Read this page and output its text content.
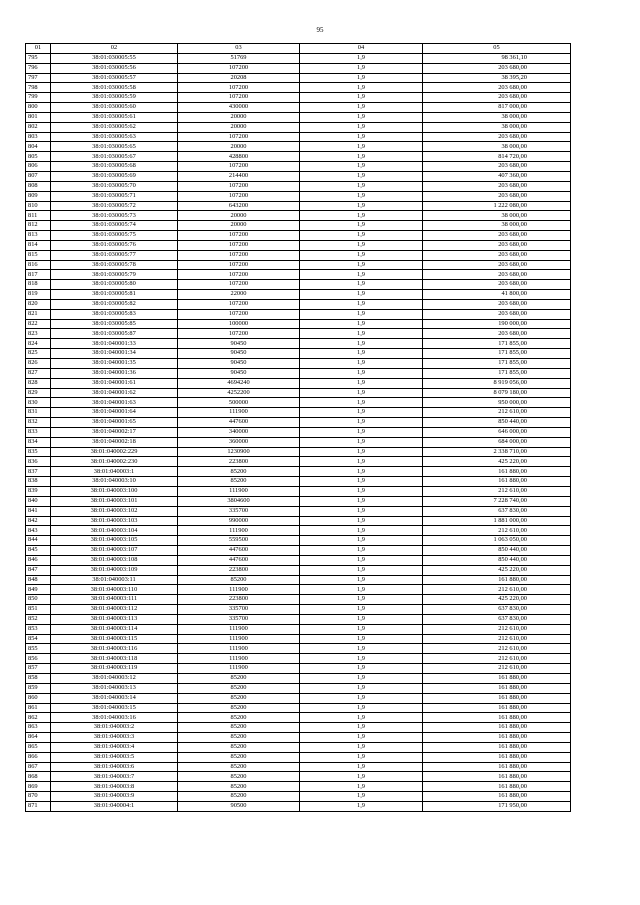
95
01	02	03	04	05
795	38:01:030005:55	51769	1,9	98 361,10
796	38:01:030005:56	107200	1,9	203 680,00
797	38:01:030005:57	20208	1,9	38 395,20
798	38:01:030005:58	107200	1,9	203 680,00
799	38:01:030005:59	107200	1,9	203 680,00
800	38:01:030005:60	430000	1,9	817 000,00
801	38:01:030005:61	20000	1,9	38 000,00
802	38:01:030005:62	20000	1,9	38 000,00
803	38:01:030005:63	107200	1,9	203 680,00
804	38:01:030005:65	20000	1,9	38 000,00
805	38:01:030005:67	428800	1,9	814 720,00
806	38:01:030005:68	107200	1,9	203 680,00
807	38:01:030005:69	214400	1,9	407 360,00
808	38:01:030005:70	107200	1,9	203 680,00
809	38:01:030005:71	107200	1,9	203 680,00
810	38:01:030005:72	643200	1,9	1 222 080,00
811	38:01:030005:73	20000	1,9	38 000,00
812	38:01:030005:74	20000	1,9	38 000,00
813	38:01:030005:75	107200	1,9	203 680,00
814	38:01:030005:76	107200	1,9	203 680,00
815	38:01:030005:77	107200	1,9	203 680,00
816	38:01:030005:78	107200	1,9	203 680,00
817	38:01:030005:79	107200	1,9	203 680,00
818	38:01:030005:80	107200	1,9	203 680,00
819	38:01:030005:81	22000	1,9	41 800,00
820	38:01:030005:82	107200	1,9	203 680,00
821	38:01:030005:83	107200	1,9	203 680,00
822	38:01:030005:85	100000	1,9	190 000,00
823	38:01:030005:87	107200	1,9	203 680,00
824	38:01:040001:33	90450	1,9	171 855,00
825	38:01:040001:34	90450	1,9	171 855,00
826	38:01:040001:35	90450	1,9	171 855,00
827	38:01:040001:36	90450	1,9	171 855,00
828	38:01:040001:61	4694240	1,9	8 919 056,00
829	38:01:040001:62	4252200	1,9	8 079 180,00
830	38:01:040001:63	500000	1,9	950 000,00
831	38:01:040001:64	111900	1,9	212 610,00
832	38:01:040001:65	447600	1,9	850 440,00
833	38:01:040002:17	340000	1,9	646 000,00
834	38:01:040002:18	360000	1,9	684 000,00
835	38:01:040002:229	1230900	1,9	2 338 710,00
836	38:01:040002:230	223800	1,9	425 220,00
837	38:01:040003:1	85200	1,9	161 880,00
838	38:01:040003:10	85200	1,9	161 880,00
839	38:01:040003:100	111900	1,9	212 610,00
840	38:01:040003:101	3804600	1,9	7 228 740,00
841	38:01:040003:102	335700	1,9	637 830,00
842	38:01:040003:103	990000	1,9	1 881 000,00
843	38:01:040003:104	111900	1,9	212 610,00
844	38:01:040003:105	559500	1,9	1 063 050,00
845	38:01:040003:107	447600	1,9	850 440,00
846	38:01:040003:108	447600	1,9	850 440,00
847	38:01:040003:109	223800	1,9	425 220,00
848	38:01:040003:11	85200	1,9	161 880,00
849	38:01:040003:110	111900	1,9	212 610,00
850	38:01:040003:111	223800	1,9	425 220,00
851	38:01:040003:112	335700	1,9	637 830,00
852	38:01:040003:113	335700	1,9	637 830,00
853	38:01:040003:114	111900	1,9	212 610,00
854	38:01:040003:115	111900	1,9	212 610,00
855	38:01:040003:116	111900	1,9	212 610,00
856	38:01:040003:118	111900	1,9	212 610,00
857	38:01:040003:119	111900	1,9	212 610,00
858	38:01:040003:12	85200	1,9	161 880,00
859	38:01:040003:13	85200	1,9	161 880,00
860	38:01:040003:14	85200	1,9	161 880,00
861	38:01:040003:15	85200	1,9	161 880,00
862	38:01:040003:16	85200	1,9	161 880,00
863	38:01:040003:2	85200	1,9	161 880,00
864	38:01:040003:3	85200	1,9	161 880,00
865	38:01:040003:4	85200	1,9	161 880,00
866	38:01:040003:5	85200	1,9	161 880,00
867	38:01:040003:6	85200	1,9	161 880,00
868	38:01:040003:7	85200	1,9	161 880,00
869	38:01:040003:8	85200	1,9	161 880,00
870	38:01:040003:9	85200	1,9	161 880,00
871	38:01:040004:1	90500	1,9	171 950,00
